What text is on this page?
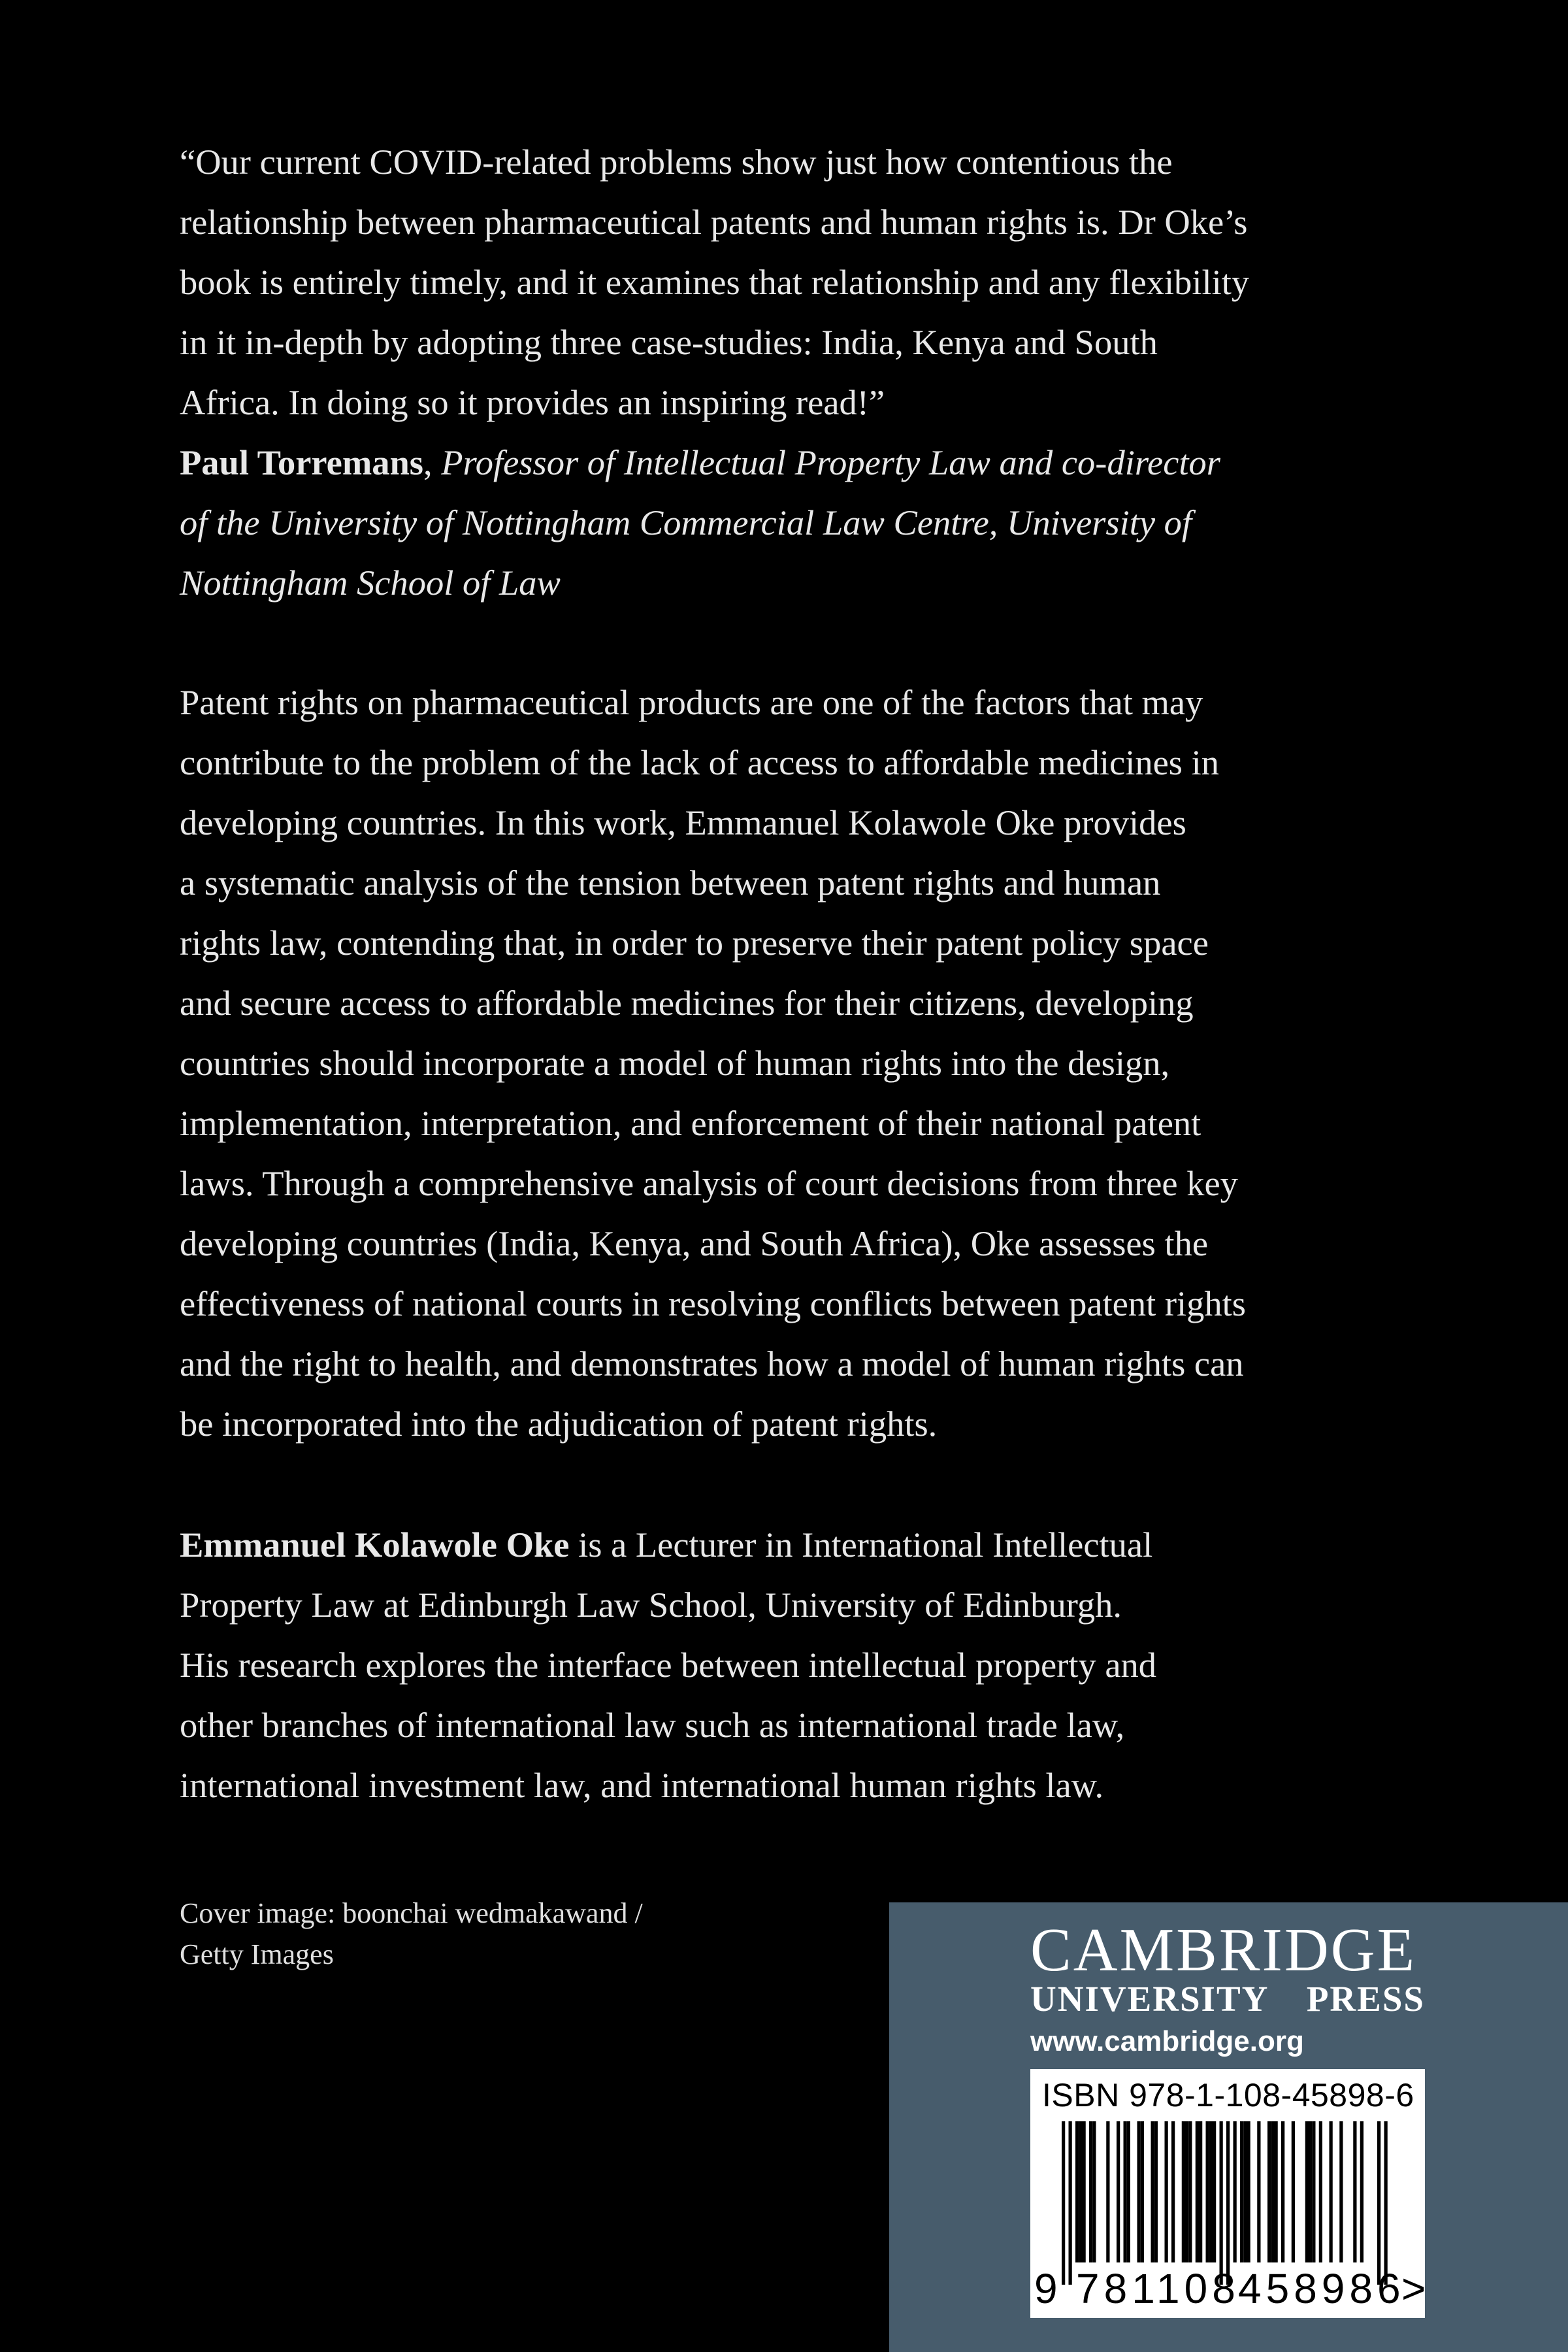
“Our current COVID-related problems show just how contentious the
relationship between pharmaceutical patents and human rights is. Dr Oke’s
book is entirely timely, and it examines that relationship and any flexibility
in it in-depth by adopting three case-studies: India, Kenya and South
Africa. In doing so it provides an inspiring read!”
Paul Torremans, Professor of Intellectual Property Law and co-director
of the University of Nottingham Commercial Law Centre, University of
Nottingham School of Law
Patent rights on pharmaceutical products are one of the factors that may
contribute to the problem of the lack of access to affordable medicines in
developing countries. In this work, Emmanuel Kolawole Oke provides
a systematic analysis of the tension between patent rights and human
rights law, contending that, in order to preserve their patent policy space
and secure access to affordable medicines for their citizens, developing
countries should incorporate a model of human rights into the design,
implementation, interpretation, and enforcement of their national patent
laws. Through a comprehensive analysis of court decisions from three key
developing countries (India, Kenya, and South Africa), Oke assesses the
effectiveness of national courts in resolving conflicts between patent rights
and the right to health, and demonstrates how a model of human rights can
be incorporated into the adjudication of patent rights.
Emmanuel Kolawole Oke is a Lecturer in International Intellectual
Property Law at Edinburgh Law School, University of Edinburgh.
His research explores the interface between intellectual property and
other branches of international law such as international trade law,
international investment law, and international human rights law.
Cover image: boonchai wedmakawand /
Getty Images	CAMBRIDGE
UNIVERSITY PRESS
www.cambridge.org
ISBN 978-1-108-45898-6
9 781108
458986
>
